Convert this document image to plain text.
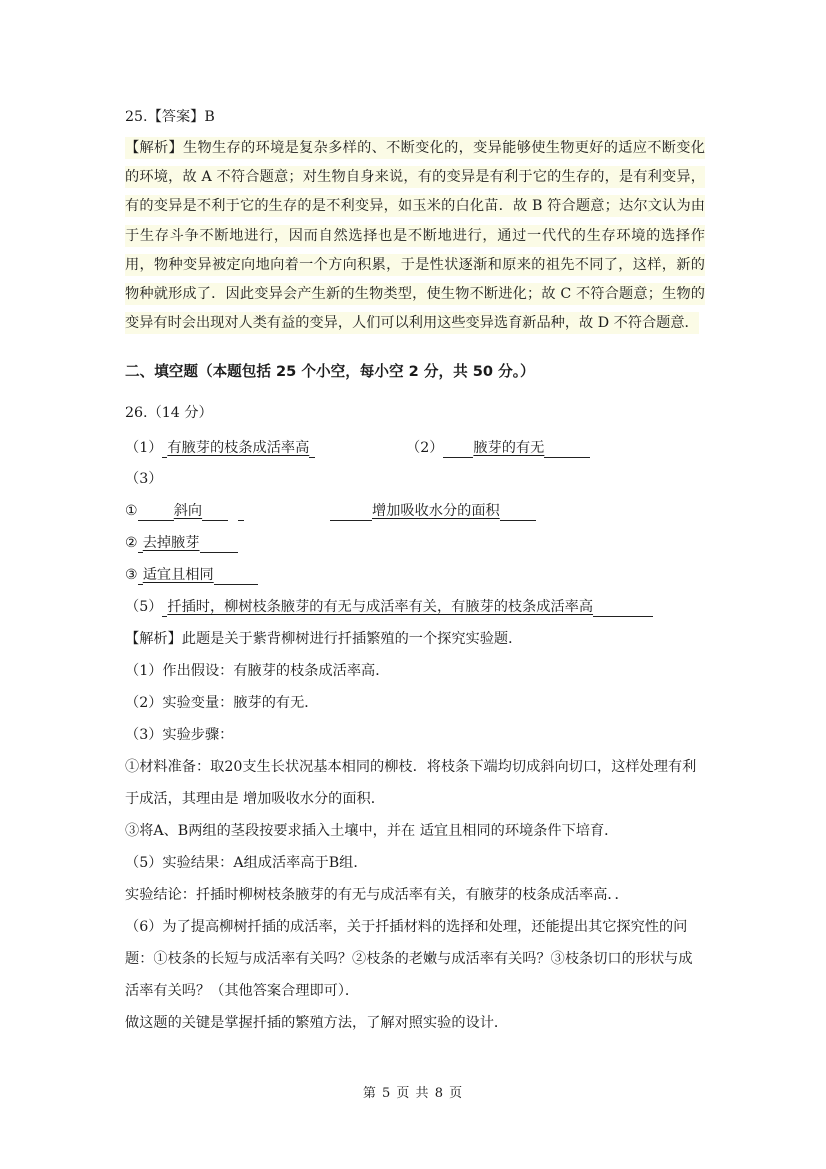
25.【答案】B
【解析】生物生存的环境是复杂多样的、不断变化的，变异能够使生物更好的适应不断变化的环境，故 A 不符合题意；对生物自身来说，有的变异是有利于它的生存的，是有利变异，有的变异是不利于它的生存的是不利变异，如玉米的白化苗．故 B 符合题意；达尔文认为由于生存斗争不断地进行，因而自然选择也是不断地进行，通过一代代的生存环境的选择作用，物种变异被定向地向着一个方向积累，于是性状逐渐和原来的祖先不同了，这样，新的物种就形成了．因此变异会产生新的生物类型，使生物不断进化；故 C 不符合题意；生物的变异有时会出现对人类有益的变异，人们可以利用这些变异选育新品种，故 D 不符合题意．
二、填空题（本题包括 25 个小空，每小空 2 分，共 50 分。）
26.（14 分）
（1） 有腋芽的枝条成活率高	（2） 腋芽的有无
（3）
①	斜向	增加吸收水分的面积
② 去掉腋芽
③ 适宜且相同
（5） 扦插时，柳树枝条腋芽的有无与成活率有关，有腋芽的枝条成活率高
【解析】此题是关于紫背柳树进行扦插繁殖的一个探究实验题．
（1）作出假设：有腋芽的枝条成活率高．
（2）实验变量：腋芽的有无．
（3）实验步骤：
①材料准备：取20支生长状况基本相同的柳枝．将枝条下端均切成斜向切口，这样处理有利
于成活，其理由是 增加吸收水分的面积．
③将A、B两组的茎段按要求插入土壤中，并在 适宜且相同的环境条件下培育．
（5）实验结果：A组成活率高于B组．
实验结论：扦插时柳树枝条腋芽的有无与成活率有关，有腋芽的枝条成活率高．．
（6）为了提高柳树扦插的成活率，关于扦插材料的选择和处理，还能提出其它探究性的问
题：①枝条的长短与成活率有关吗？②枝条的老嫩与成活率有关吗？③枝条切口的形状与成
活率有关吗？（其他答案合理即可）．
做这题的关键是掌握扦插的繁殖方法，了解对照实验的设计．
第 5 页 共 8 页
